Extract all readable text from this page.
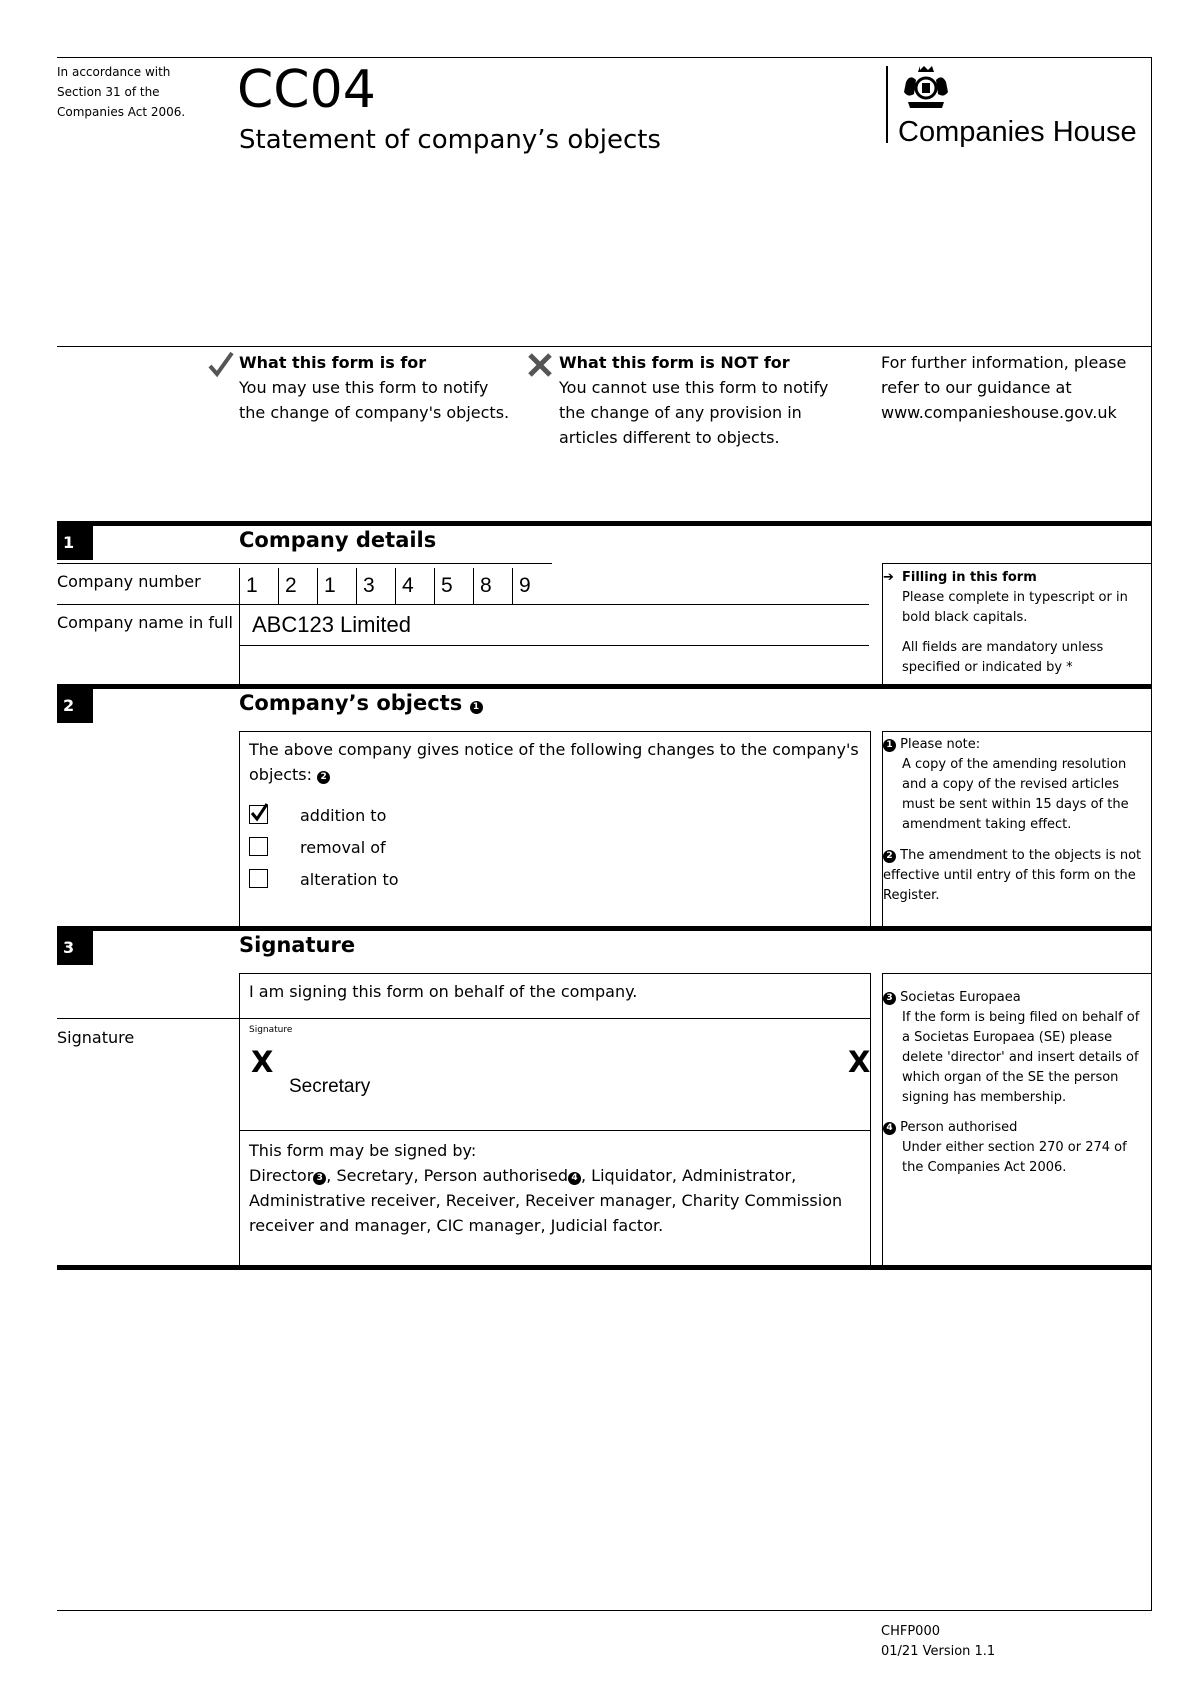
In accordance with Section 31 of the Companies Act 2006. CC04
Statement of company’s objects	Companies House
What this form is for
You may use this form to notify the change of company's objects.
What this form is NOT for
You cannot use this form to notify the change of any provision in articles different to objects.
For further information, please refer to our guidance at www.companieshouse.gov.uk
1	Company details
Company number	1	2	1	3	4	5	8	9
Company name in full ABC123 Limited
➔ Filling in this form
Please complete in typescript or in bold black capitals.
All fields are mandatory unless specified or indicated by *
2	Company’s objects 1
The above company gives notice of the following changes to the company's objects: 2
addition to
removal of
alteration to
1 Please note:
A copy of the amending resolution and a copy of the revised articles must be sent within 15 days of the amendment taking effect.
2 The amendment to the objects is not effective until entry of this form on the Register.
3	Signature
I am signing this form on behalf of the company.
Signature	Signature
X	X
Secretary
This form may be signed by:
Director 3 , Secretary, Person authorised 4 , Liquidator, Administrator, Administrative receiver, Receiver, Receiver manager, Charity Commission receiver and manager, CIC manager, Judicial factor.
3 Societas Europaea
If the form is being filed on behalf of a Societas Europaea (SE) please delete 'director' and insert details of which organ of the SE the person signing has membership.
4 Person authorised
Under either section 270 or 274 of the Companies Act 2006.
CHFP000
01/21 Version 1.1
